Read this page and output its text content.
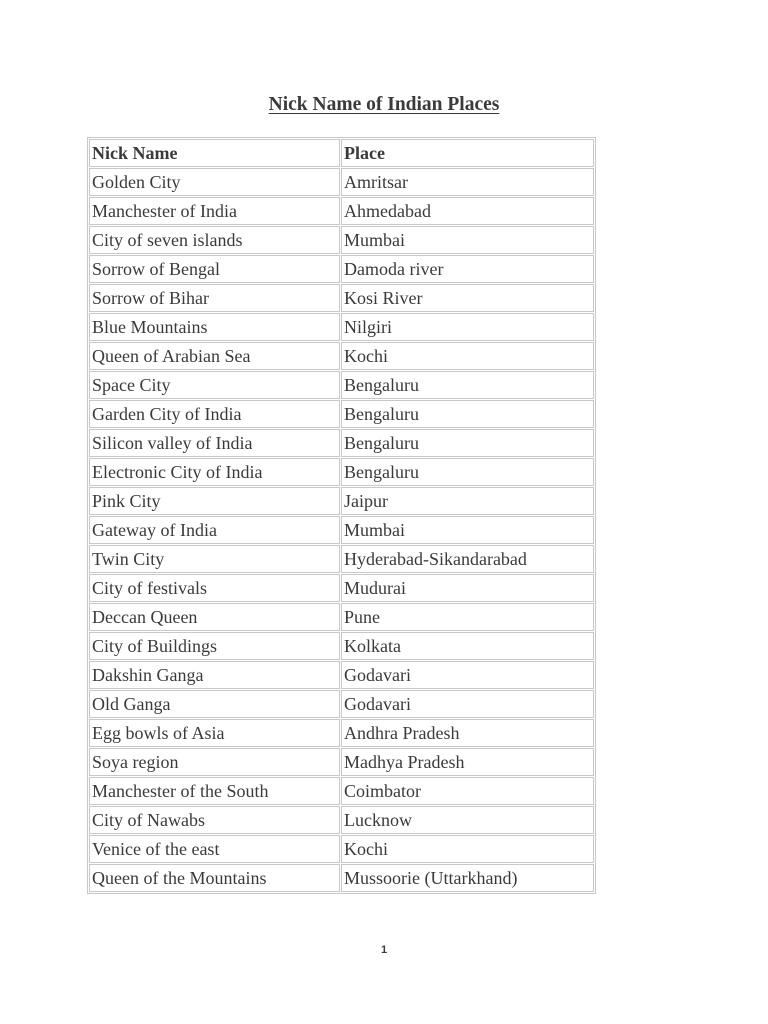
Nick Name of Indian Places
Nick Name	Place
Golden City	Amritsar
Manchester of India	Ahmedabad
City of seven islands	Mumbai
Sorrow of Bengal	Damoda river
Sorrow of Bihar	Kosi River
Blue Mountains	Nilgiri
Queen of Arabian Sea	Kochi
Space City	Bengaluru
Garden City of India	Bengaluru
Silicon valley of India	Bengaluru
Electronic City of India	Bengaluru
Pink City	Jaipur
Gateway of India	Mumbai
Twin City	Hyderabad-Sikandarabad
City of festivals	Mudurai
Deccan Queen	Pune
City of Buildings	Kolkata
Dakshin Ganga	Godavari
Old Ganga	Godavari
Egg bowls of Asia	Andhra Pradesh
Soya region	Madhya Pradesh
Manchester of the South	Coimbator
City of Nawabs	Lucknow
Venice of the east	Kochi
Queen of the Mountains	Mussoorie (Uttarkhand)
1
